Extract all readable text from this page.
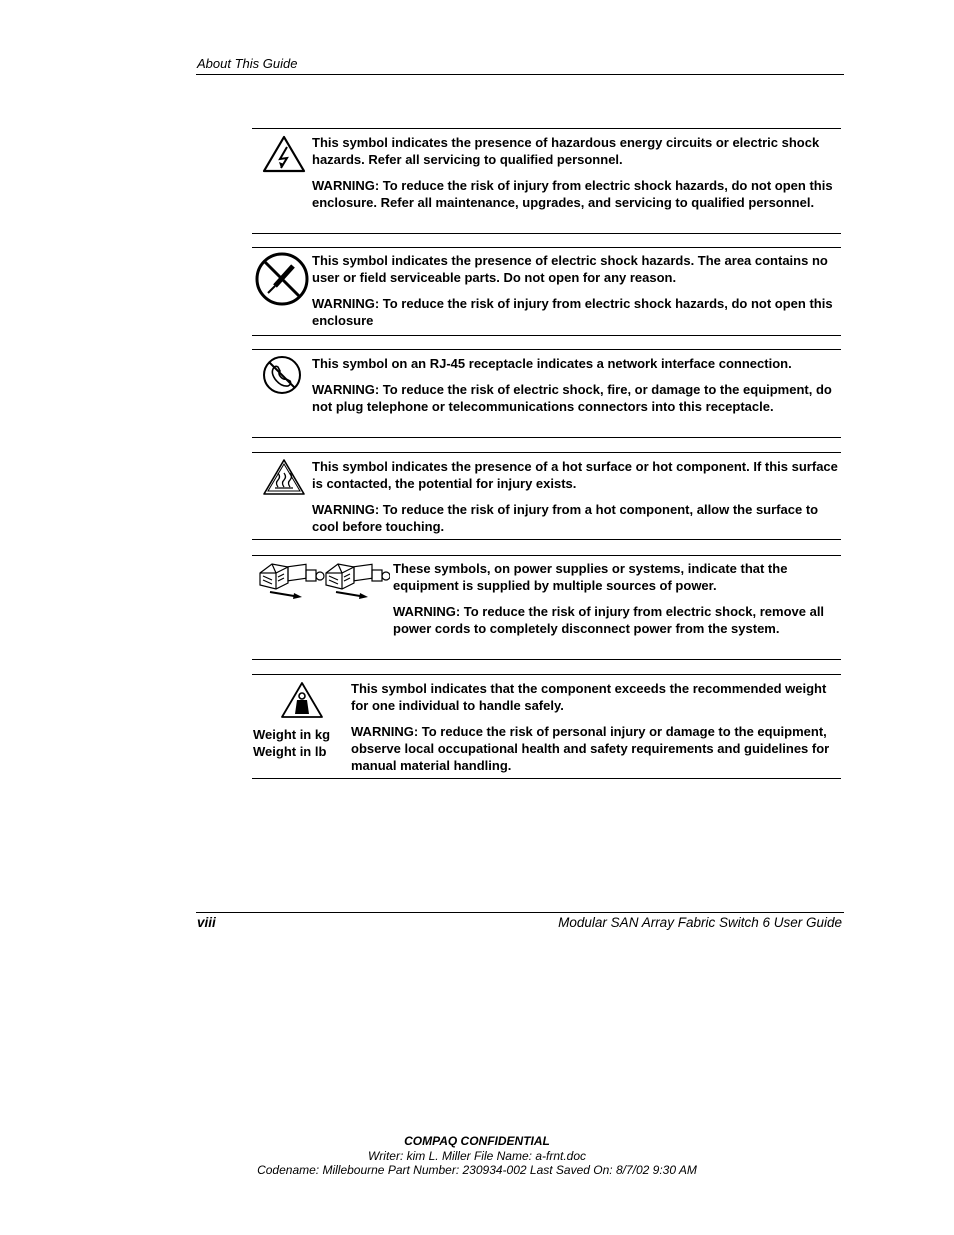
About This Guide

This symbol indicates the presence of hazardous energy circuits or electric shock hazards. Refer all servicing to qualified personnel.

WARNING: To reduce the risk of injury from electric shock hazards, do not open this enclosure. Refer all maintenance, upgrades, and servicing to qualified personnel.

This symbol indicates the presence of electric shock hazards. The area contains no user or field serviceable parts. Do not open for any reason.

WARNING: To reduce the risk of injury from electric shock hazards, do not open this enclosure

This symbol on an RJ-45 receptacle indicates a network interface connection.

WARNING: To reduce the risk of electric shock, fire, or damage to the equipment, do not plug telephone or telecommunications connectors into this receptacle.

This symbol indicates the presence of a hot surface or hot component. If this surface is contacted, the potential for injury exists.

WARNING: To reduce the risk of injury from a hot component, allow the surface to cool before touching.

These symbols, on power supplies or systems, indicate that the equipment is supplied by multiple sources of power.

WARNING: To reduce the risk of injury from electric shock, remove all power cords to completely disconnect power from the system.

Weight in kg
Weight in lb

This symbol indicates that the component exceeds the recommended weight for one individual to handle safely.

WARNING: To reduce the risk of personal injury or damage to the equipment, observe local occupational health and safety requirements and guidelines for manual material handling.

viii	Modular SAN Array Fabric Switch 6 User Guide
COMPAQ CONFIDENTIAL
Writer: kim L. Miller File Name: a-frnt.doc
Codename: Millebourne Part Number: 230934-002 Last Saved On: 8/7/02 9:30 AM
